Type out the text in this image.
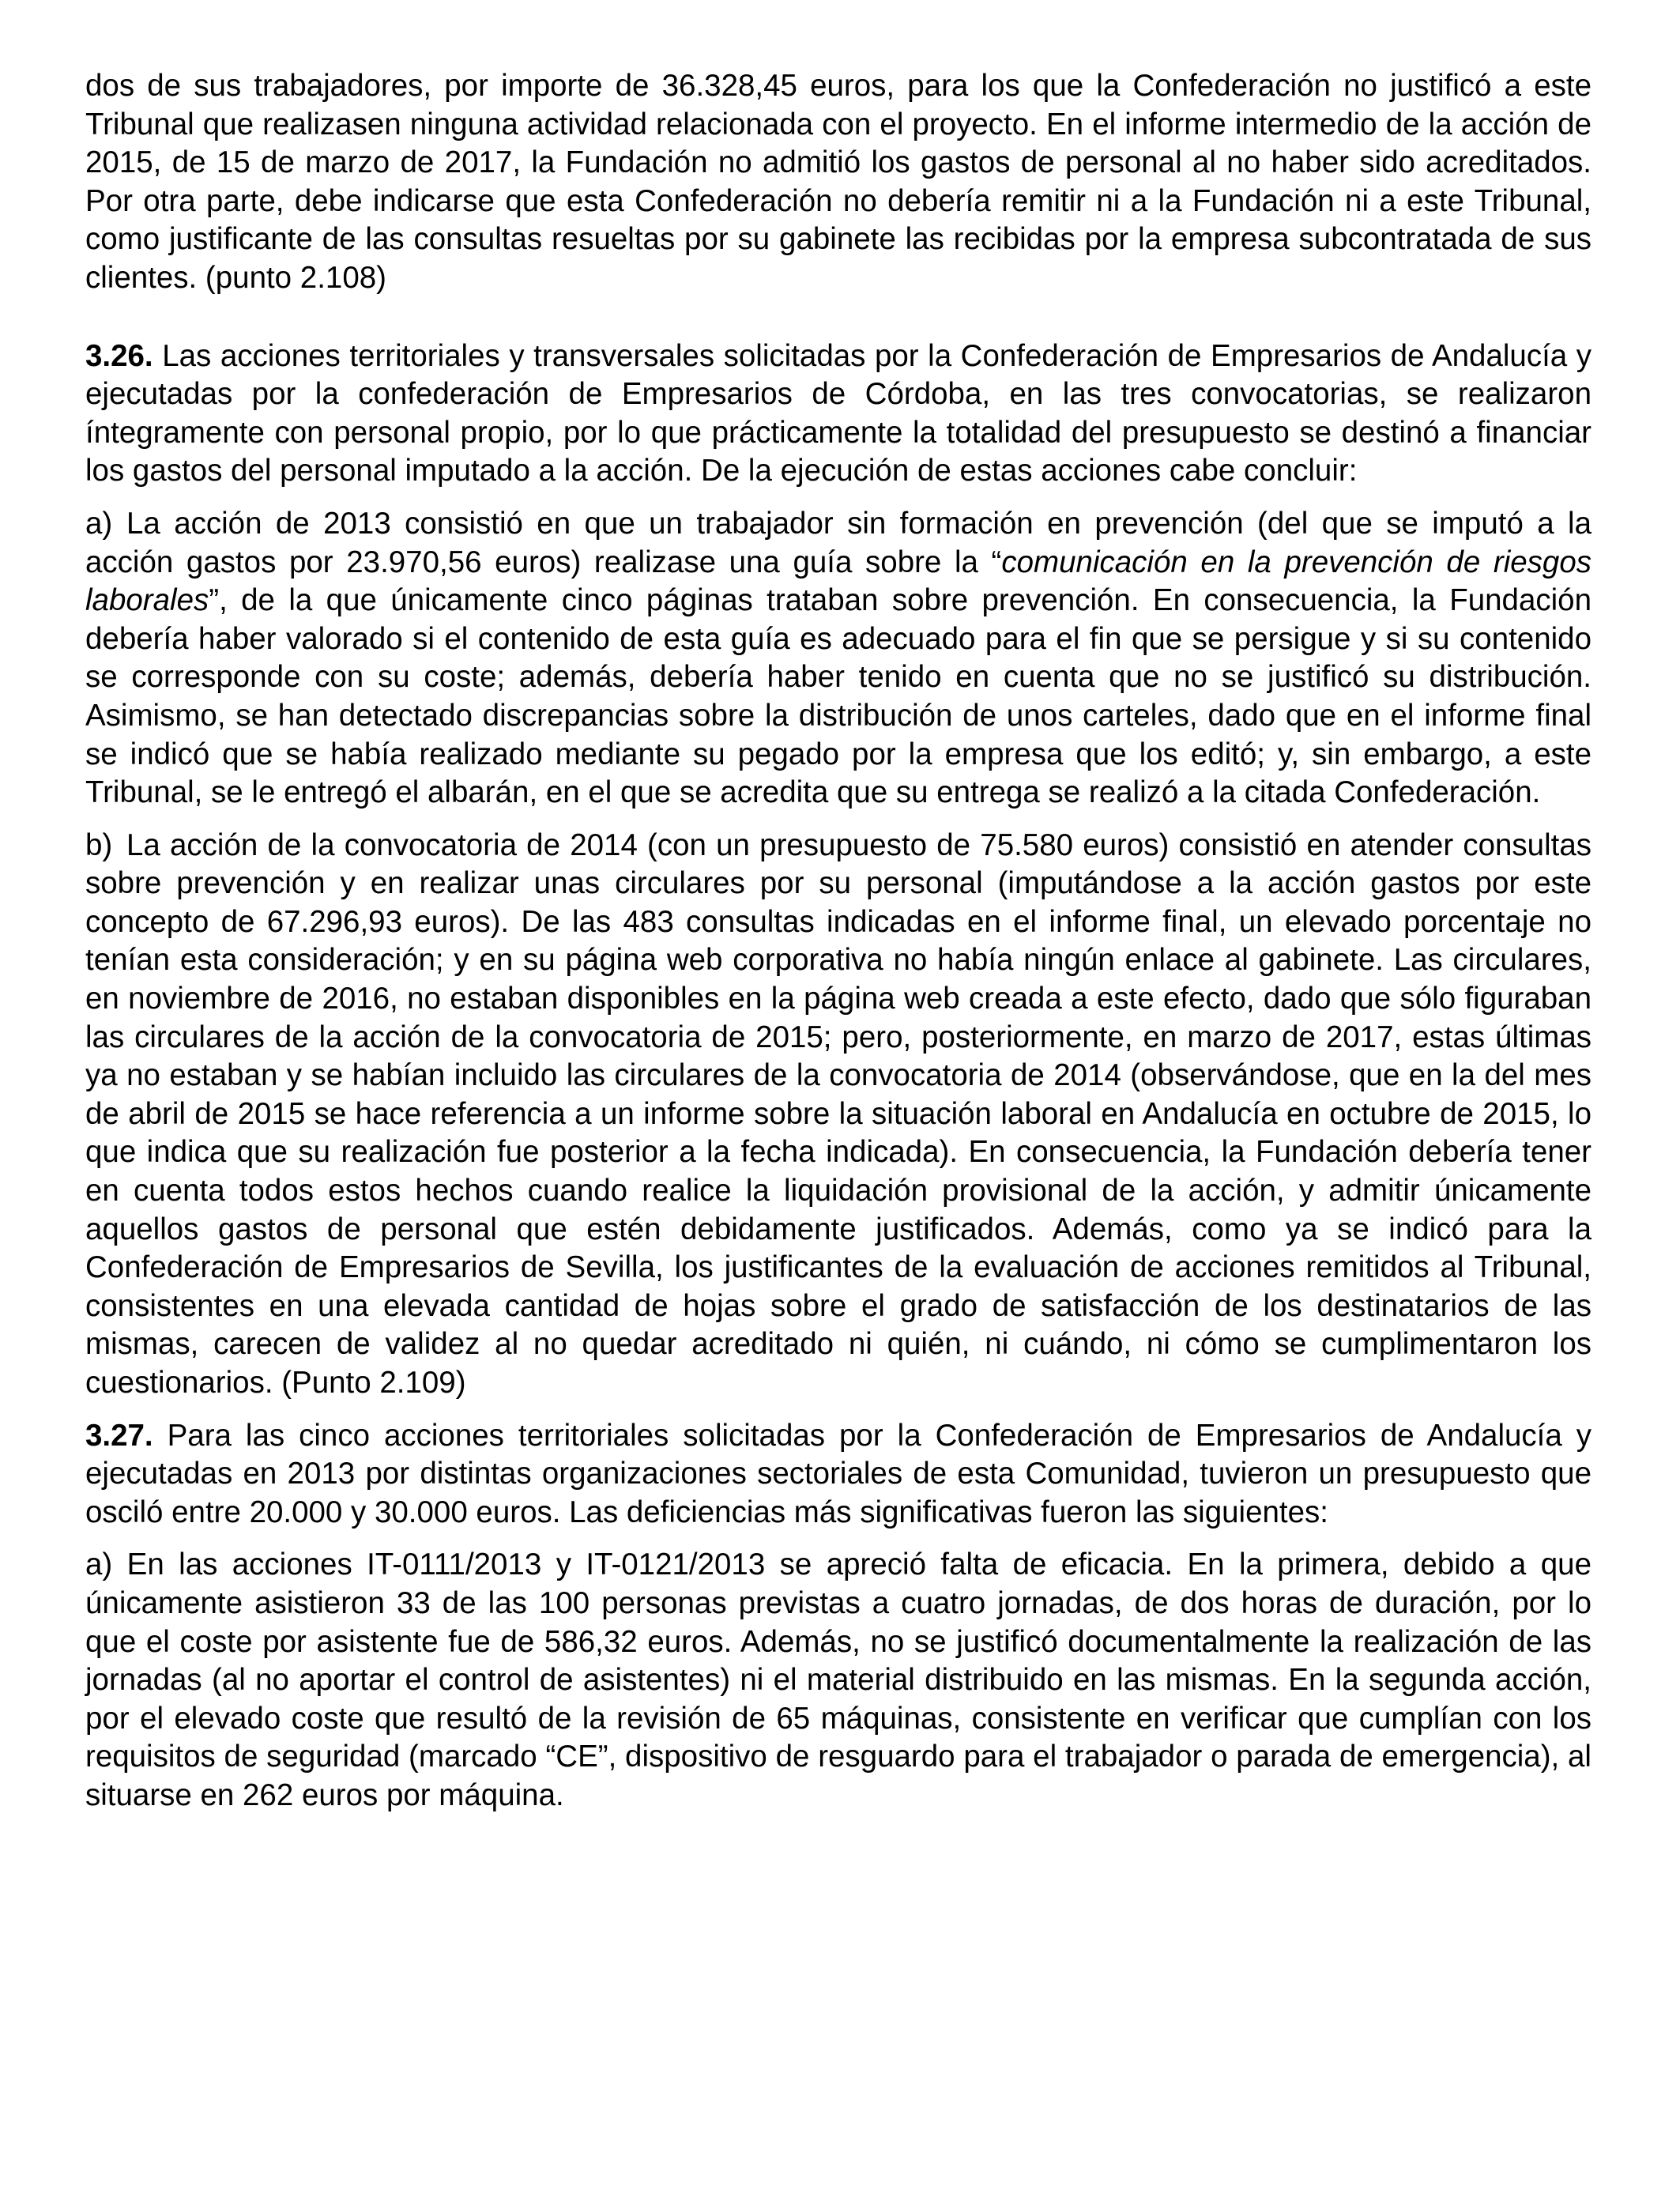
dos de sus trabajadores, por importe de 36.328,45 euros, para los que la Confederación no justificó a este Tribunal que realizasen ninguna actividad relacionada con el proyecto. En el informe intermedio de la acción de 2015, de 15 de marzo de 2017, la Fundación no admitió los gastos de personal al no haber sido acreditados. Por otra parte, debe indicarse que esta Confederación no debería remitir ni a la Fundación ni a este Tribunal, como justificante de las consultas resueltas por su gabinete las recibidas por la empresa subcontratada de sus clientes. (punto 2.108)

3.26. Las acciones territoriales y transversales solicitadas por la Confederación de Empresarios de Andalucía y ejecutadas por la confederación de Empresarios de Córdoba, en las tres convocatorias, se realizaron íntegramente con personal propio, por lo que prácticamente la totalidad del presupuesto se destinó a financiar los gastos del personal imputado a la acción. De la ejecución de estas acciones cabe concluir:

a) La acción de 2013 consistió en que un trabajador sin formación en prevención (del que se imputó a la acción gastos por 23.970,56 euros) realizase una guía sobre la “comunicación en la prevención de riesgos laborales”, de la que únicamente cinco páginas trataban sobre prevención. En consecuencia, la Fundación debería haber valorado si el contenido de esta guía es adecuado para el fin que se persigue y si su contenido se corresponde con su coste; además, debería haber tenido en cuenta que no se justificó su distribución. Asimismo, se han detectado discrepancias sobre la distribución de unos carteles, dado que en el informe final se indicó que se había realizado mediante su pegado por la empresa que los editó; y, sin embargo, a este Tribunal, se le entregó el albarán, en el que se acredita que su entrega se realizó a la citada Confederación.

b) La acción de la convocatoria de 2014 (con un presupuesto de 75.580 euros) consistió en atender consultas sobre prevención y en realizar unas circulares por su personal (imputándose a la acción gastos por este concepto de 67.296,93 euros). De las 483 consultas indicadas en el informe final, un elevado porcentaje no tenían esta consideración; y en su página web corporativa no había ningún enlace al gabinete. Las circulares, en noviembre de 2016, no estaban disponibles en la página web creada a este efecto, dado que sólo figuraban las circulares de la acción de la convocatoria de 2015; pero, posteriormente, en marzo de 2017, estas últimas ya no estaban y se habían incluido las circulares de la convocatoria de 2014 (observándose, que en la del mes de abril de 2015 se hace referencia a un informe sobre la situación laboral en Andalucía en octubre de 2015, lo que indica que su realización fue posterior a la fecha indicada). En consecuencia, la Fundación debería tener en cuenta todos estos hechos cuando realice la liquidación provisional de la acción, y admitir únicamente aquellos gastos de personal que estén debidamente justificados. Además, como ya se indicó para la Confederación de Empresarios de Sevilla, los justificantes de la evaluación de acciones remitidos al Tribunal, consistentes en una elevada cantidad de hojas sobre el grado de satisfacción de los destinatarios de las mismas, carecen de validez al no quedar acreditado ni quién, ni cuándo, ni cómo se cumplimentaron los cuestionarios. (Punto 2.109)

3.27. Para las cinco acciones territoriales solicitadas por la Confederación de Empresarios de Andalucía y ejecutadas en 2013 por distintas organizaciones sectoriales de esta Comunidad, tuvieron un presupuesto que osciló entre 20.000 y 30.000 euros. Las deficiencias más significativas fueron las siguientes:

a) En las acciones IT-0111/2013 y IT-0121/2013 se apreció falta de eficacia. En la primera, debido a que únicamente asistieron 33 de las 100 personas previstas a cuatro jornadas, de dos horas de duración, por lo que el coste por asistente fue de 586,32 euros. Además, no se justificó documentalmente la realización de las jornadas (al no aportar el control de asistentes) ni el material distribuido en las mismas. En la segunda acción, por el elevado coste que resultó de la revisión de 65 máquinas, consistente en verificar que cumplían con los requisitos de seguridad (marcado “CE”, dispositivo de resguardo para el trabajador o parada de emergencia), al situarse en 262 euros por máquina.
